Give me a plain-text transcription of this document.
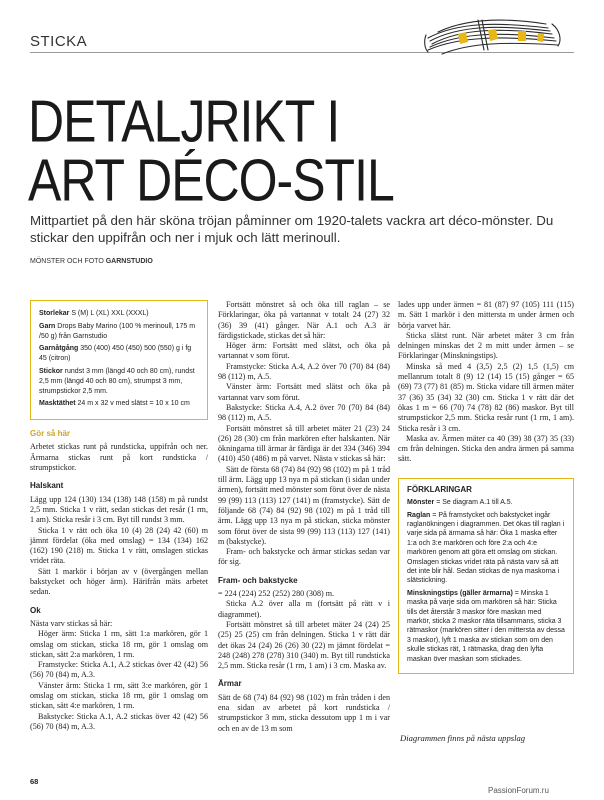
STICKA
DETALJRIKT I
ART DÉCO-STIL

Mittpartiet på den här sköna tröjan påminner om 1920-talets vackra art déco-mönster. Du stickar den uppifrån och ner i mjuk och lätt merinoull.

MÖNSTER OCH FOTO GARNSTUDIO
Storlekar S (M) L (XL) XXL (XXXL)
Garn Drops Baby Marino (100 % merinoull, 175 m /50 g) från Garnstudio
Garnåtgång 350 (400) 450 (450) 500 (550) g i fg 45 (citron)
Stickor rundst 3 mm (längd 40 och 80 cm), rundst 2,5 mm (längd 40 och 80 cm), strumpst 3 mm, strumpstickor 2,5 mm.
Masktäthet 24 m x 32 v med slätst = 10 x 10 cm
Gör så här

Arbetet stickas runt på rundsticka, uppifrån och ner. Ärmarna stickas runt på kort rundsticka / strumpstickor.

Halskant

Lägg upp 124 (130) 134 (138) 148 (158) m på rundst 2,5 mm. Sticka 1 v rätt, sedan stickas det resår (1 rm, 1 am). Sticka resår i 3 cm. Byt till rundst 3 mm.

Sticka 1 v rätt och öka 10 (4) 28 (24) 42 (60) m jämnt fördelat (öka med omslag) = 134 (134) 162 (162) 190 (218) m. Sticka 1 v rätt, omslagen stickas vridet räta.

Sätt 1 markör i början av v (övergången mellan bakstycket och höger ärm). Härifrån mäts arbetet sedan.

Ok

Nästa varv stickas så här:

Höger ärm: Sticka 1 rm, sätt 1:a markören, gör 1 omslag om stickan, sticka 18 rm, gör 1 omslag om stickan, sätt 2:a markören, 1 rm.

Framstycke: Sticka A.1, A.2 stickas över 42 (42) 56 (56) 70 (84) m, A.3.

Vänster ärm: Sticka 1 rm, sätt 3:e markören, gör 1 omslag om stickan, sticka 18 rm, gör 1 omslag om stickan, sätt 4:e markören, 1 rm.

Bakstycke: Sticka A.1, A.2 stickas över 42 (42) 56 (56) 70 (84) m, A.3.

Fortsätt mönstret så och öka till raglan – se Förklaringar, öka på vartannat v totalt 24 (27) 32 (36) 39 (41) gånger. När A.1 och A.3 är färdigstickade, stickas det så här:

Höger ärm: Fortsätt med slätst, och öka på vartannat v som förut.

Framstycke: Sticka A.4, A.2 över 70 (70) 84 (84) 98 (112) m, A.5.

Vänster ärm: Fortsätt med slätst och öka på vartannat varv som förut.

Bakstycke: Sticka A.4, A.2 över 70 (70) 84 (84) 98 (112) m, A.5.

Fortsätt mönstret så till arbetet mäter 21 (23) 24 (26) 28 (30) cm från markören efter halskanten. När ökningarna till ärmar är färdiga är det 334 (346) 394 (410) 450 (486) m på varvet. Nästa v stickas så här:

Sätt de första 68 (74) 84 (92) 98 (102) m på 1 tråd till ärm. Lägg upp 13 nya m på stickan (i sidan under ärmen), fortsätt med mönster som förut över de nästa 99 (99) 113 (113) 127 (141) m (framstycke). Sätt de följande 68 (74) 84 (92) 98 (102) m på 1 tråd till ärm. Lägg upp 13 nya m på stickan, sticka mönster som förut över de sista 99 (99) 113 (113) 127 (141) m (bakstycke).

Fram- och bakstycke och ärmar stickas sedan var för sig.

Fram- och bakstycke

= 224 (224) 252 (252) 280 (308) m.

Sticka A.2 över alla m (fortsätt på rätt v i diagrammet).

Fortsätt mönstret så till arbetet mäter 24 (24) 25 (25) 25 (25) cm från delningen. Sticka 1 v rätt där det ökas 24 (24) 26 (26) 30 (22) m jämnt fördelat = 248 (248) 278 (278) 310 (340) m. Byt till rundsticka 2,5 mm. Sticka resår (1 rm, 1 am) i 3 cm. Maska av.

Ärmar

Sätt de 68 (74) 84 (92) 98 (102) m från tråden i den ena sidan av arbetet på kort rundsticka / strumpstickor 3 mm, sticka dessutom upp 1 m i var och en av de 13 m som

lades upp under ärmen = 81 (87) 97 (105) 111 (115) m. Sätt 1 markör i den mittersta m under ärmen och börja varvet här.

Sticka slätst runt. När arbetet mäter 3 cm från delningen minskas det 2 m mitt under ärmen – se Förklaringar (Minskningstips).

Minska så med 4 (3,5) 2,5 (2) 1,5 (1,5) cm mellanrum totalt 8 (9) 12 (14) 15 (15) gånger = 65 (69) 73 (77) 81 (85) m. Sticka vidare till ärmen mäter 37 (36) 35 (34) 32 (30) cm. Sticka 1 v rätt där det ökas 1 m = 66 (70) 74 (78) 82 (86) maskor. Byt till strumpstickor 2,5 mm. Sticka resår runt (1 rm, 1 am). Sticka resår i 3 cm.

Maska av. Ärmen mäter ca 40 (39) 38 (37) 35 (33) cm från delningen. Sticka den andra ärmen på samma sätt.

FÖRKLARINGAR
Mönster = Se diagram A.1 till A.5.
Raglan = På framstycket och bakstycket ingår raglanökningen i diagrammen. Det ökas till raglan i varje sida på ärmarna så här: Öka 1 maska efter 1:a och 3:e markören och före 2:a och 4:e markören genom att göra ett omslag om stickan. Omslagen stickas vridet räta på nästa varv så att det inte blir hål. Sedan stickas de nya maskorna i slätstickning.
Minskningstips (gäller ärmarna) = Minska 1 maska på varje sida om markören så här: Sticka tills det återstår 3 maskor före maskan med markör, sticka 2 maskor räta tillsammans, sticka 3 rätmaskor (markören sitter i den mittersta av dessa 3 maskor), lyft 1 maska av stickan som om den skulle stickas rät, 1 rätmaska, drag den lyfta maskan över maskan som stickades.
Diagrammen finns på nästa uppslag
68
PassionForum.ru
